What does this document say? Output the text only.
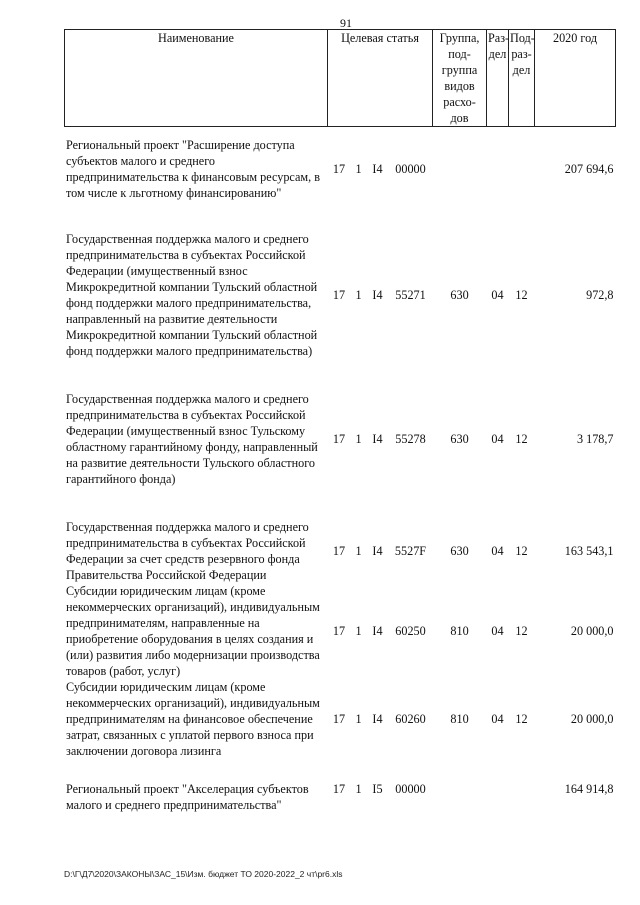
91
Наименование	Целевая статья				Группа, под- группа видов расхо- дов	Раз- дел	Под- раз- дел	2020 год
Региональный проект "Расширение доступа субъектов малого и среднего предпринимательства к финансовым ресурсам, в том числе к льготному финансированию"	17	1	I4	00000				207 694,6
Государственная поддержка малого и среднего предпринимательства в субъектах Российской Федерации (имущественный взнос Микрокредитной компании Тульский областной фонд поддержки малого предпринимательства, направленный на развитие деятельности Микрокредитной компании Тульский областной фонд поддержки малого предпринимательства)	17	1	I4	55271	630	04	12	972,8
Государственная поддержка малого и среднего предпринимательства в субъектах Российской Федерации (имущественный взнос Тульскому областному гарантийному фонду, направленный на развитие деятельности Тульского областного гарантийного фонда)	17	1	I4	55278	630	04	12	3 178,7
Государственная поддержка малого и среднего предпринимательства в субъектах Российской Федерации за счет средств резервного фонда Правительства Российской Федерации	17	1	I4	5527F	630	04	12	163 543,1
Субсидии юридическим лицам (кроме некоммерческих организаций), индивидуальным предпринимателям, направленные на приобретение оборудования в целях создания и (или) развития либо модернизации производства товаров (работ, услуг)	17	1	I4	60250	810	04	12	20 000,0
Субсидии юридическим лицам (кроме некоммерческих организаций), индивидуальным предпринимателям на финансовое обеспечение затрат, связанных с уплатой первого взноса при заключении договора лизинга	17	1	I4	60260	810	04	12	20 000,0
Региональный проект "Акселерация субъектов малого и среднего предпринимательства"	17	1	I5	00000				164 914,8
D:\Г\Д7\2020\ЗАКОНЫ\ЗАС_15\Изм. бюджет ТО 2020-2022_2 чт\pr6.xls
